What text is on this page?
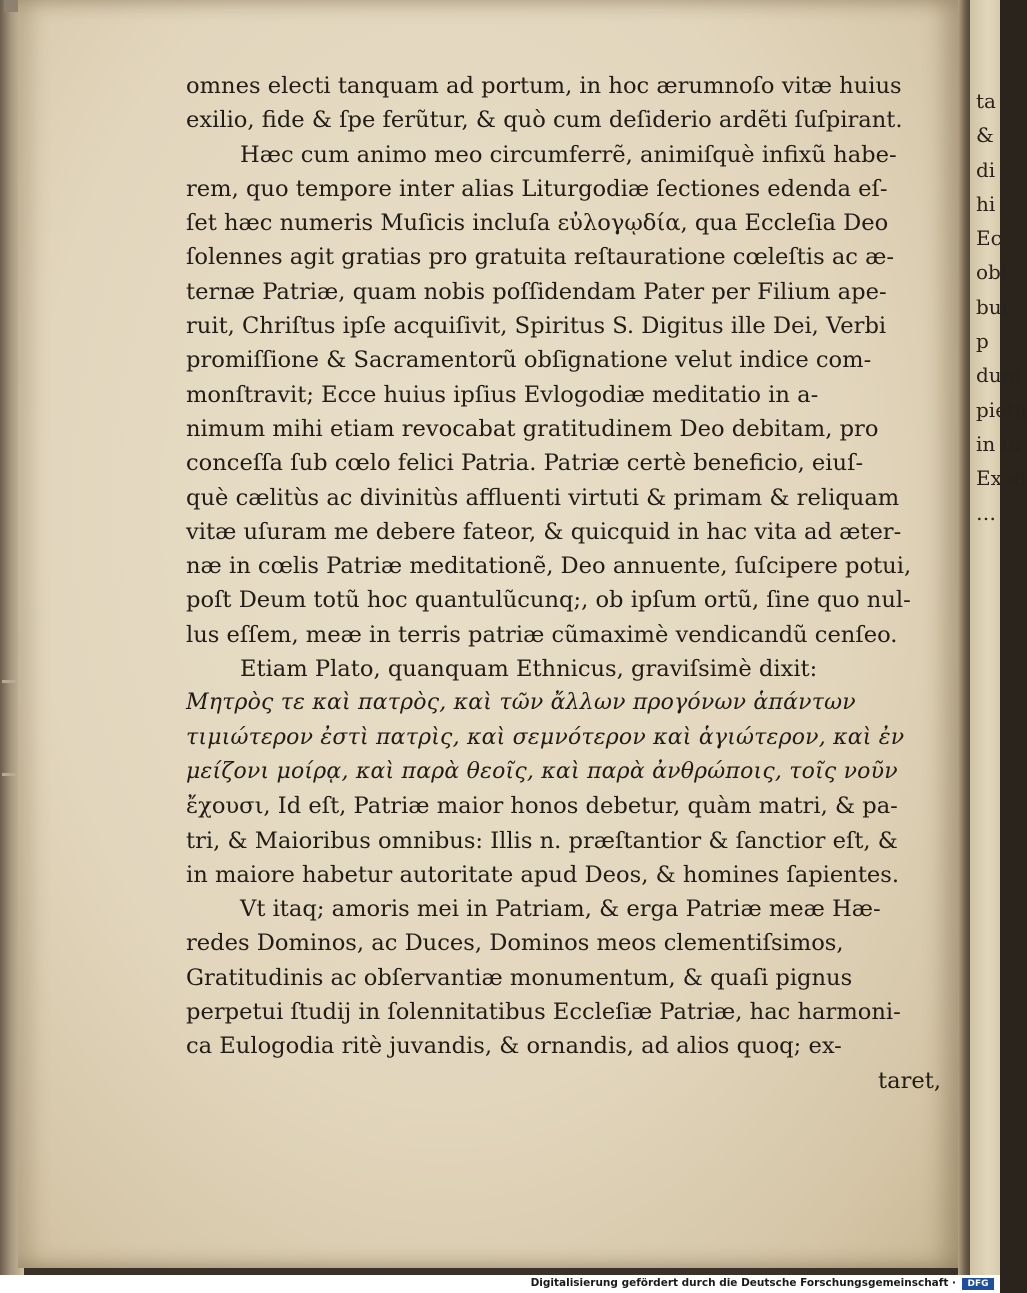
omnes electi tanquam ad portum, in hoc ærumnoſo vitæ huius
exilio, fide & ſpe ferũtur, & quò cum deſiderio ardẽti ſuſpirant.
Hæc cum animo meo circumferrẽ, animiſquè infixũ habe-
rem, quo tempore inter alias Liturgodiæ ſectiones edenda eſ-
ſet hæc numeris Muſicis incluſa εὐλογῳδία, qua Eccleſia Deo
ſolennes agit gratias pro gratuita reſtauratione cœleſtis ac æ-
ternæ Patriæ, quam nobis poſſidendam Pater per Filium ape-
ruit, Chriſtus ipſe acquiſivit, Spiritus S. Digitus ille Dei, Verbi
promiſſione & Sacramentorũ obſignatione velut indice com-
monſtravit; Ecce huius ipſius Evlogodiæ meditatio in a-
nimum mihi etiam revocabat gratitudinem Deo debitam, pro
conceſſa ſub cœlo felici Patria. Patriæ certè beneficio, eiuſ-
què cælitùs ac divinitùs affluenti virtuti & primam & reliquam
vitæ uſuram me debere fateor, & quicquid in hac vita ad æter-
næ in cœlis Patriæ meditationẽ, Deo annuente, ſuſcipere potui,
poſt Deum totũ hoc quantulũcunq;, ob ipſum ortũ, ſine quo nul-
lus eſſem, meæ in terris patriæ cũmaximè vendicandũ cenſeo.
Etiam Plato, quanquam Ethnicus, graviſsimè dixit:
Μητρὸς τε καὶ πατρὸς, καὶ τῶν ἄλλων προγόνων ἁπάντων
τιμιώτερον ἐστὶ πατρὶς, καὶ σεμνότερον καὶ ἁγιώτερον, καὶ ἐν
μείζονι μοίρᾳ, καὶ παρὰ θεοῖς, καὶ παρὰ ἀνθρώποις, τοῖς νοῦν
ἔχουσι, Id eſt, Patriæ maior honos debetur, quàm matri, & pa-
tri, & Maioribus omnibus: Illis n. præſtantior & ſanctior eſt, &
in maiore habetur autoritate apud Deos, & homines ſapientes.
Vt itaq; amoris mei in Patriam, & erga Patriæ meæ Hæ-
redes Dominos, ac Duces, Dominos meos clementiſsimos,
Gratitudinis ac obſervantiæ monumentum, & quaſi pignus
perpetui ſtudij in ſolennitatibus Eccleſiæ Patriæ, hac harmoni-
ca Eulogodia ritè juvandis, & ornandis, ad alios quoq; ex-
taret,
ta
&
di
hi
Ecc
obl
bui
p
dum
pieta
in ſa
Exod
…
Digitalisierung gefördert durch die Deutsche Forschungsgemeinschaft ·	DFG
